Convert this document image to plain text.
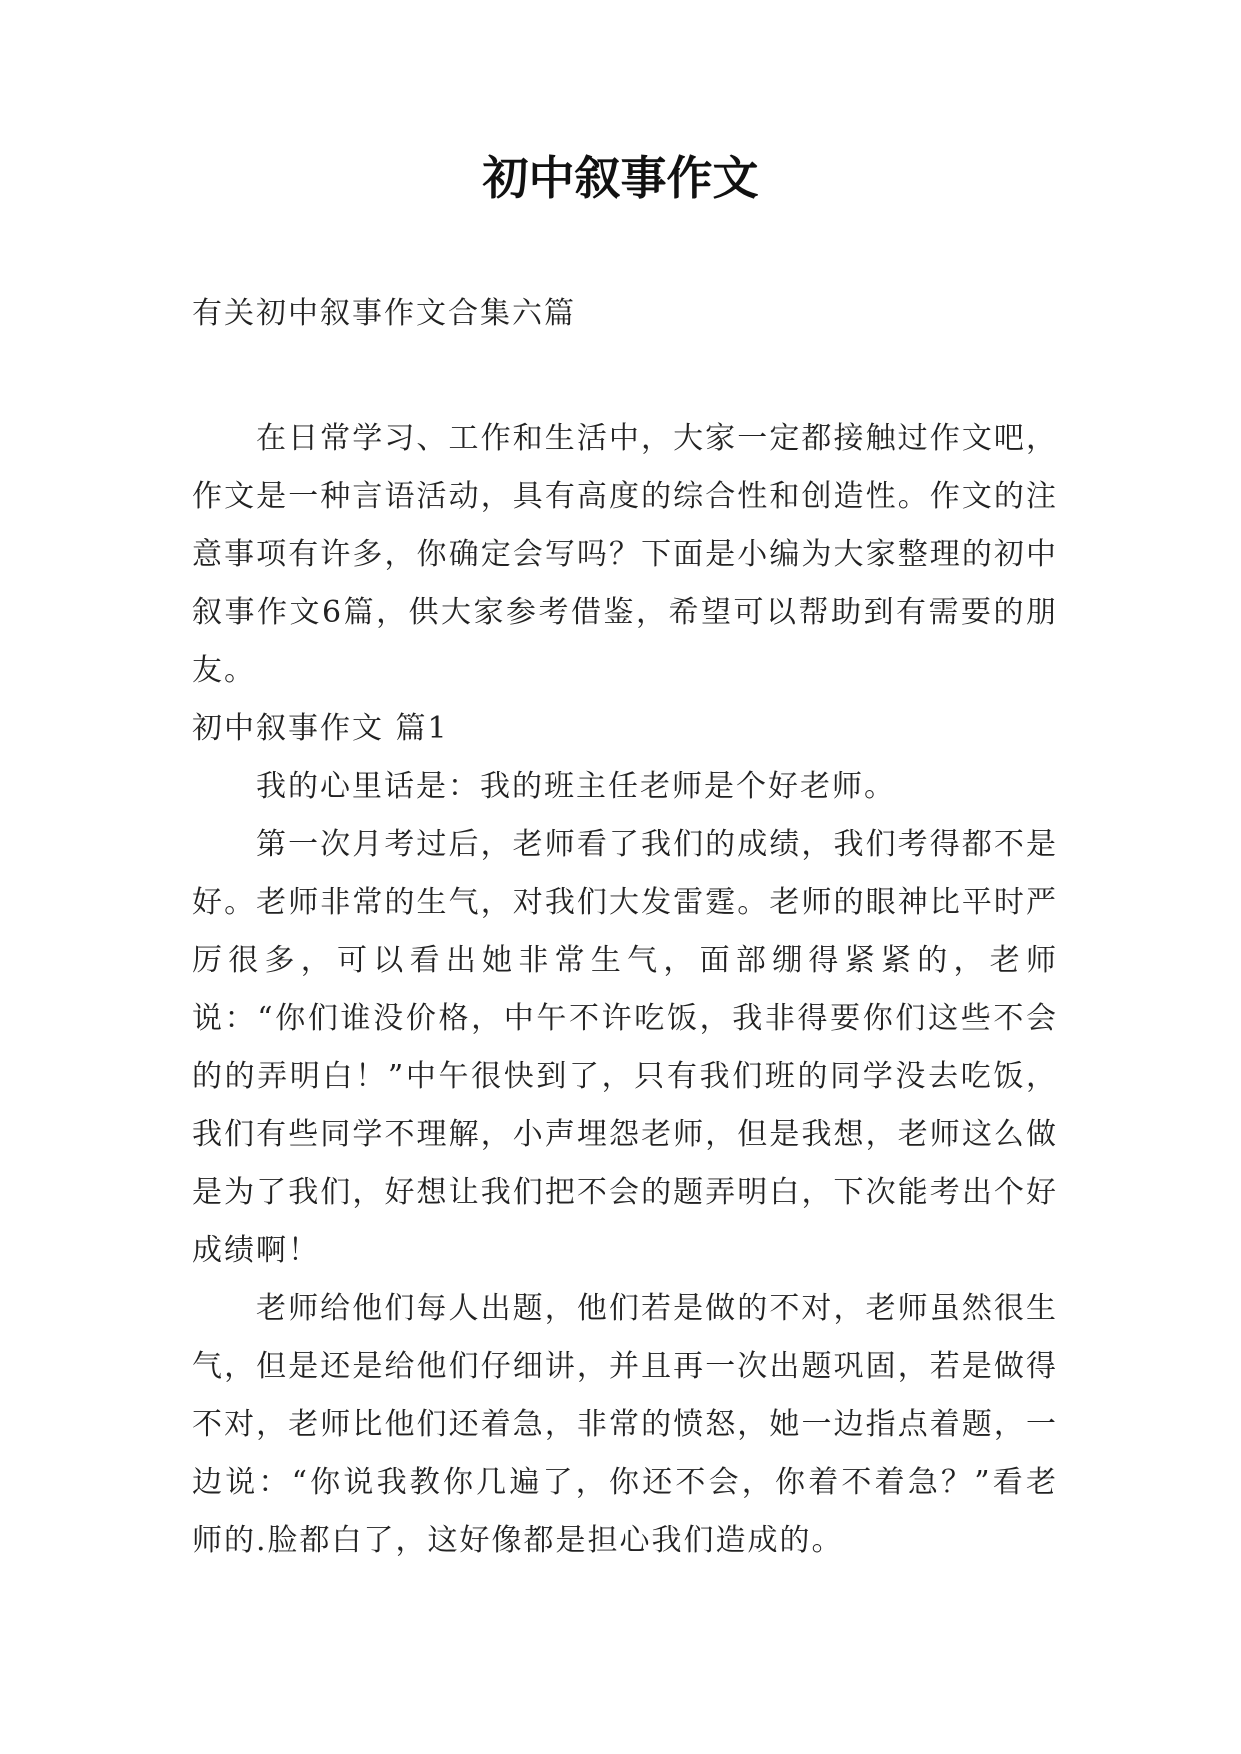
初中叙事作文

有关初中叙事作文合集六篇

在日常学习、工作和生活中，大家一定都接触过作文吧，作文是一种言语活动，具有高度的综合性和创造性。作文的注意事项有许多，你确定会写吗？下面是小编为大家整理的初中叙事作文6篇，供大家参考借鉴，希望可以帮助到有需要的朋友。

初中叙事作文 篇1

我的心里话是：我的班主任老师是个好老师。

第一次月考过后，老师看了我们的成绩，我们考得都不是好。老师非常的生气，对我们大发雷霆。老师的眼神比平时严厉很多，可以看出她非常生气，面部绷得紧紧的，老师说：“你们谁没价格，中午不许吃饭，我非得要你们这些不会的的弄明白！”中午很快到了，只有我们班的同学没去吃饭，我们有些同学不理解，小声埋怨老师，但是我想，老师这么做是为了我们，好想让我们把不会的题弄明白，下次能考出个好成绩啊！

老师给他们每人出题，他们若是做的不对，老师虽然很生气，但是还是给他们仔细讲，并且再一次出题巩固，若是做得不对，老师比他们还着急，非常的愤怒，她一边指点着题，一边说：“你说我教你几遍了，你还不会，你着不着急？”看老师的.脸都白了，这好像都是担心我们造成的。
